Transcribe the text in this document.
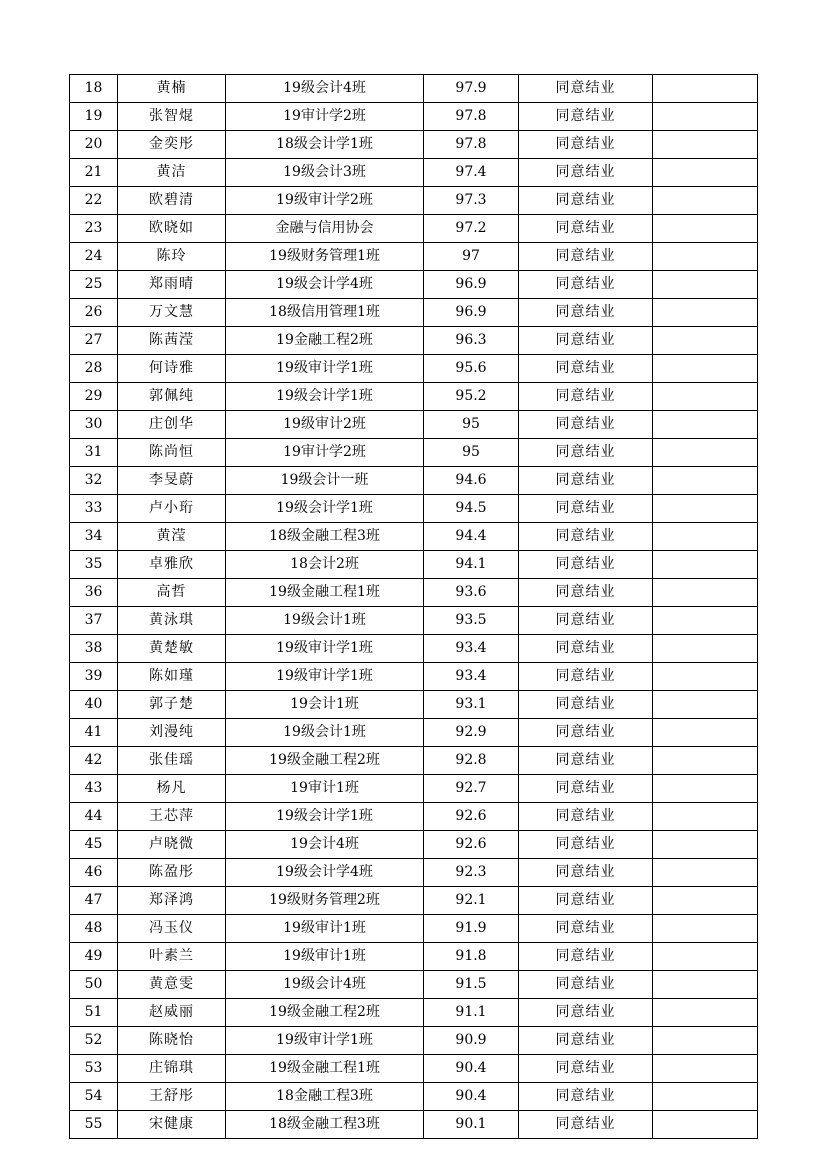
18	黄楠	19级会计4班	97.9	同意结业	
19	张智焜	19审计学2班	97.8	同意结业	
20	金奕彤	18级会计学1班	97.8	同意结业	
21	黄洁	19级会计3班	97.4	同意结业	
22	欧碧清	19级审计学2班	97.3	同意结业	
23	欧晓如	金融与信用协会	97.2	同意结业	
24	陈玲	19级财务管理1班	97	同意结业	
25	郑雨晴	19级会计学4班	96.9	同意结业	
26	万文慧	18级信用管理1班	96.9	同意结业	
27	陈茜滢	19金融工程2班	96.3	同意结业	
28	何诗雅	19级审计学1班	95.6	同意结业	
29	郭佩纯	19级会计学1班	95.2	同意结业	
30	庄创华	19级审计2班	95	同意结业	
31	陈尚恒	19审计学2班	95	同意结业	
32	李旻蔚	19级会计一班	94.6	同意结业	
33	卢小珩	19级会计学1班	94.5	同意结业	
34	黄滢	18级金融工程3班	94.4	同意结业	
35	卓雅欣	18会计2班	94.1	同意结业	
36	高哲	19级金融工程1班	93.6	同意结业	
37	黄泳琪	19级会计1班	93.5	同意结业	
38	黄楚敏	19级审计学1班	93.4	同意结业	
39	陈如瑾	19级审计学1班	93.4	同意结业	
40	郭子楚	19会计1班	93.1	同意结业	
41	刘漫纯	19级会计1班	92.9	同意结业	
42	张佳瑶	19级金融工程2班	92.8	同意结业	
43	杨凡	19审计1班	92.7	同意结业	
44	王芯萍	19级会计学1班	92.6	同意结业	
45	卢晓微	19会计4班	92.6	同意结业	
46	陈盈彤	19级会计学4班	92.3	同意结业	
47	郑泽鸿	19级财务管理2班	92.1	同意结业	
48	冯玉仪	19级审计1班	91.9	同意结业	
49	叶素兰	19级审计1班	91.8	同意结业	
50	黄意雯	19级会计4班	91.5	同意结业	
51	赵威丽	19级金融工程2班	91.1	同意结业	
52	陈晓怡	19级审计学1班	90.9	同意结业	
53	庄锦琪	19级金融工程1班	90.4	同意结业	
54	王舒彤	18金融工程3班	90.4	同意结业	
55	宋健康	18级金融工程3班	90.1	同意结业	
